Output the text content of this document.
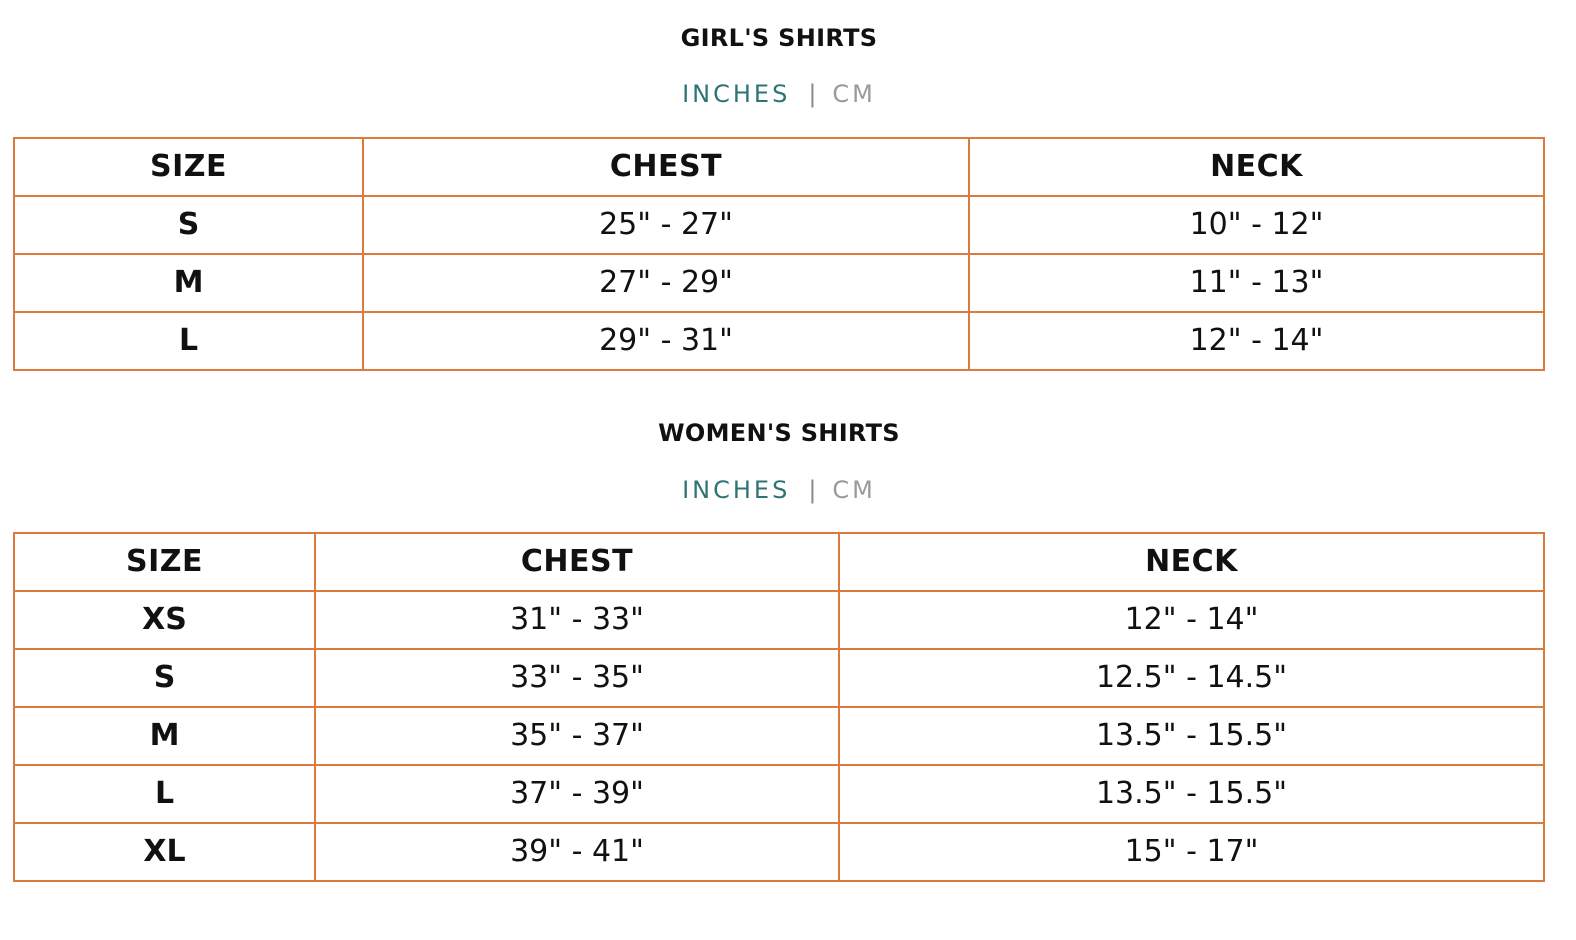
GIRL'S SHIRTS
INCHES | CM
SIZE	CHEST	NECK
S	25" - 27"	10" - 12"
M	27" - 29"	11" - 13"
L	29" - 31"	12" - 14"
WOMEN'S SHIRTS
INCHES | CM
SIZE	CHEST	NECK
XS	31" - 33"	12" - 14"
S	33" - 35"	12.5" - 14.5"
M	35" - 37"	13.5" - 15.5"
L	37" - 39"	13.5" - 15.5"
XL	39" - 41"	15" - 17"
